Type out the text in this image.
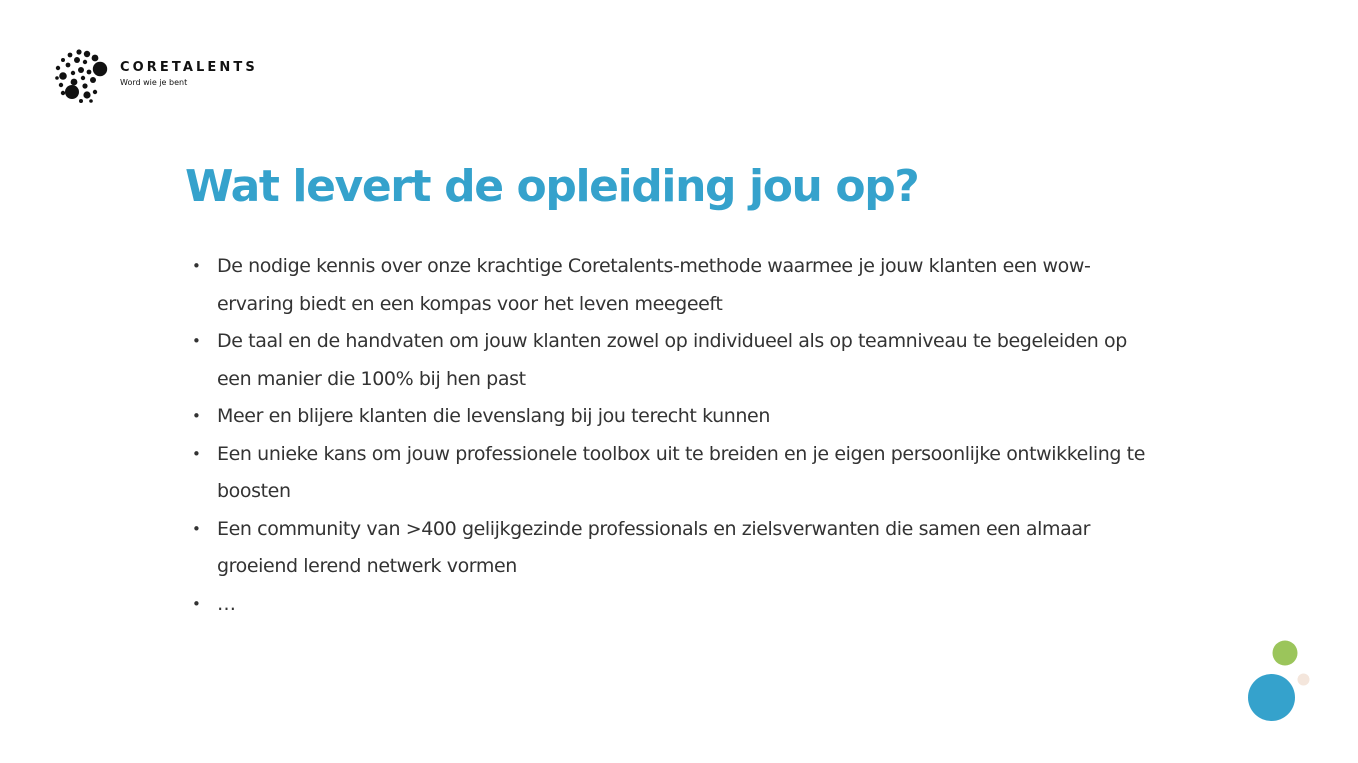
CORETALENTS
Word wie je bent
Wat levert de opleiding jou op?
• De nodige kennis over onze krachtige Coretalents-methode waarmee je jouw klanten een wow-ervaring biedt en een kompas voor het leven meegeeft
• De taal en de handvaten om jouw klanten zowel op individueel als op teamniveau te begeleiden op een manier die 100% bij hen past
• Meer en blijere klanten die levenslang bij jou terecht kunnen
• Een unieke kans om jouw professionele toolbox uit te breiden en je eigen persoonlijke ontwikkeling te boosten
• Een community van >400 gelijkgezinde professionals en zielsverwanten die samen een almaar groeiend lerend netwerk vormen
• …
